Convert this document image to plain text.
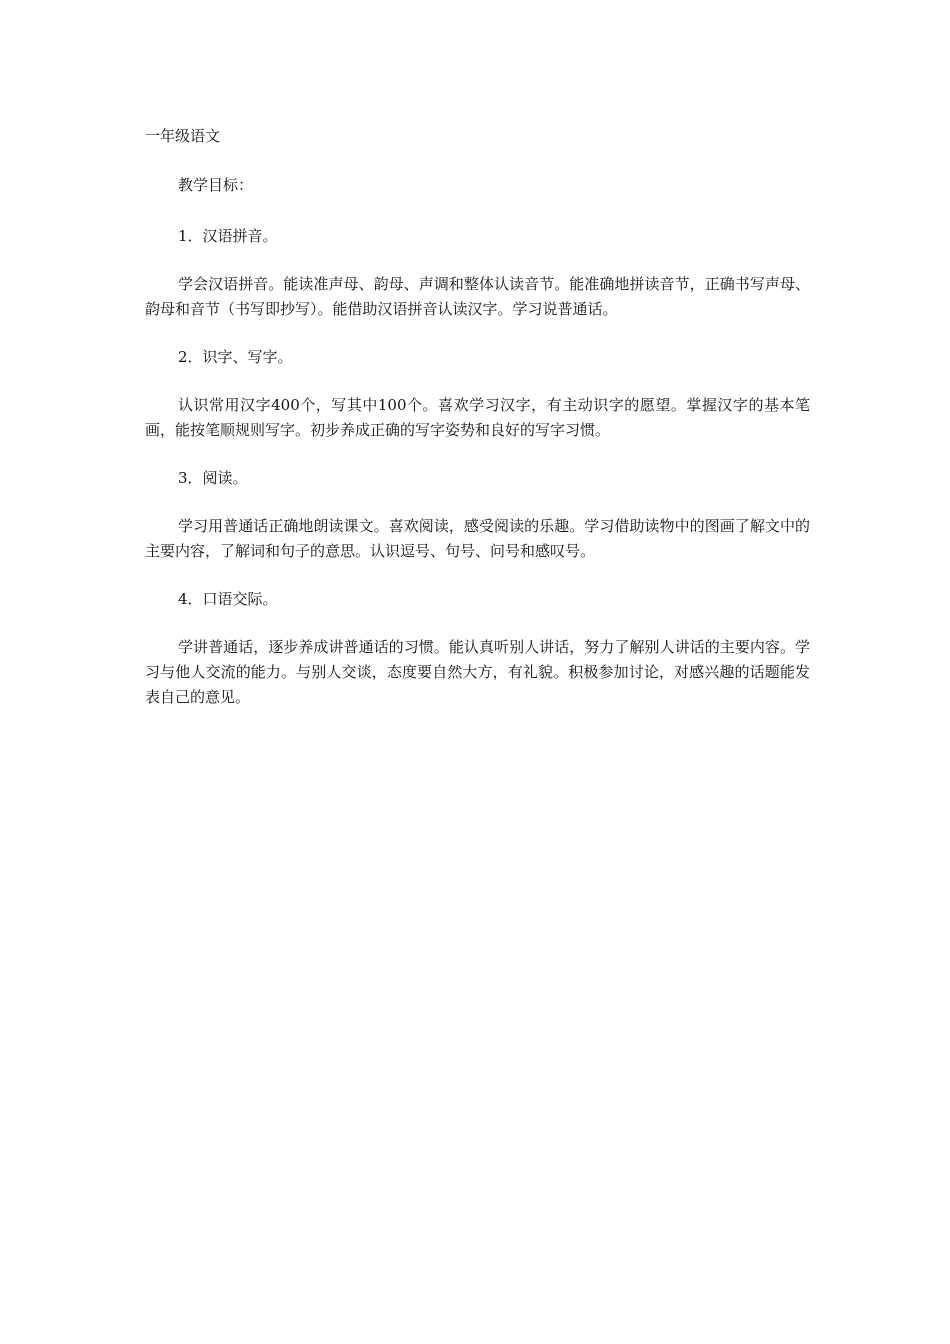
一年级语文

教学目标：

1．汉语拼音。

学会汉语拼音。能读准声母、韵母、声调和整体认读音节。能准确地拼读音节，正确书写声母、韵母和音节（书写即抄写）。能借助汉语拼音认读汉字。学习说普通话。

2．识字、写字。

认识常用汉字400个，写其中100个。喜欢学习汉字，有主动识字的愿望。掌握汉字的基本笔画，能按笔顺规则写字。初步养成正确的写字姿势和良好的写字习惯。

3．阅读。

学习用普通话正确地朗读课文。喜欢阅读，感受阅读的乐趣。学习借助读物中的图画了解文中的主要内容，了解词和句子的意思。认识逗号、句号、问号和感叹号。

4．口语交际。

学讲普通话，逐步养成讲普通话的习惯。能认真听别人讲话，努力了解别人讲话的主要内容。学习与他人交流的能力。与别人交谈，态度要自然大方，有礼貌。积极参加讨论，对感兴趣的话题能发表自己的意见。
